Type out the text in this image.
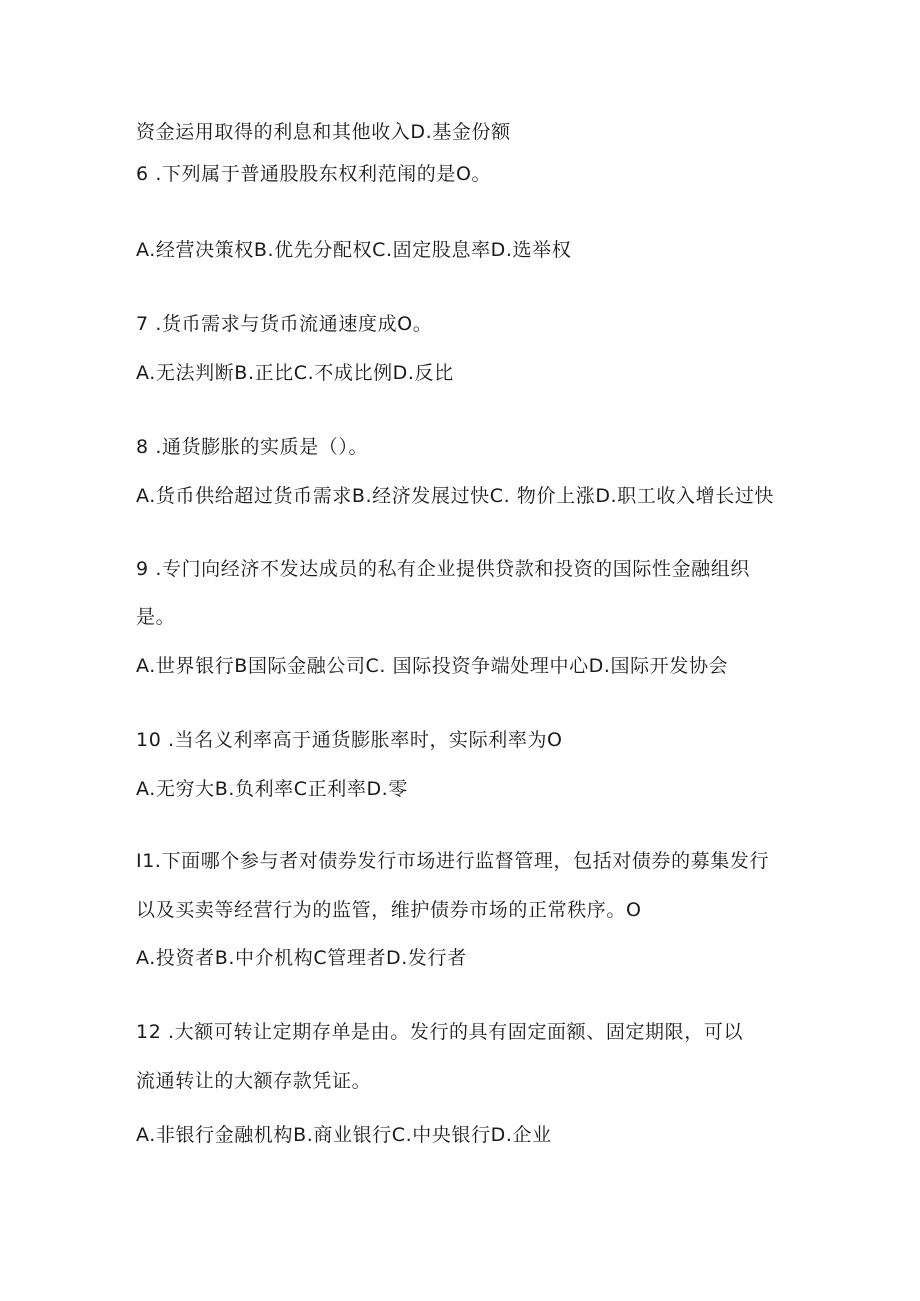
资金运用取得的利息和其他收入D.基金份额
6 .下列属于普通股股东权利范闱的是O。
A.经营决策权B.优先分配权C.固定股息率D.选举权
7 .货币需求与货币流通速度成O。
A.无法判断B.正比C.不成比例D.反比
8 .通货膨胀的实质是（）。
A.货币供给超过货币需求B.经济发展过快C. 物价上涨D.职工收入增长过快
9 .专门向经济不发达成员的私有企业提供贷款和投资的国际性金融组织
是。
A.世界银行B国际金融公司C. 国际投资争端处理中心D.国际开发协会
10 .当名义利率高于通货膨胀率时，实际利率为O
A.无穷大B.负利率C正利率D.零
I1.下面哪个参与者对债券发行市场进行监督管理，包括对债券的募集发行
以及买卖等经营行为的监管，维护债券市场的正常秩序。O
A.投资者B.中介机构C管理者D.发行者
12 .大额可转让定期存单是由。发行的具有固定面额、固定期限，可以
流通转让的大额存款凭证。
A.非银行金融机构B.商业银行C.中央银行D.企业
